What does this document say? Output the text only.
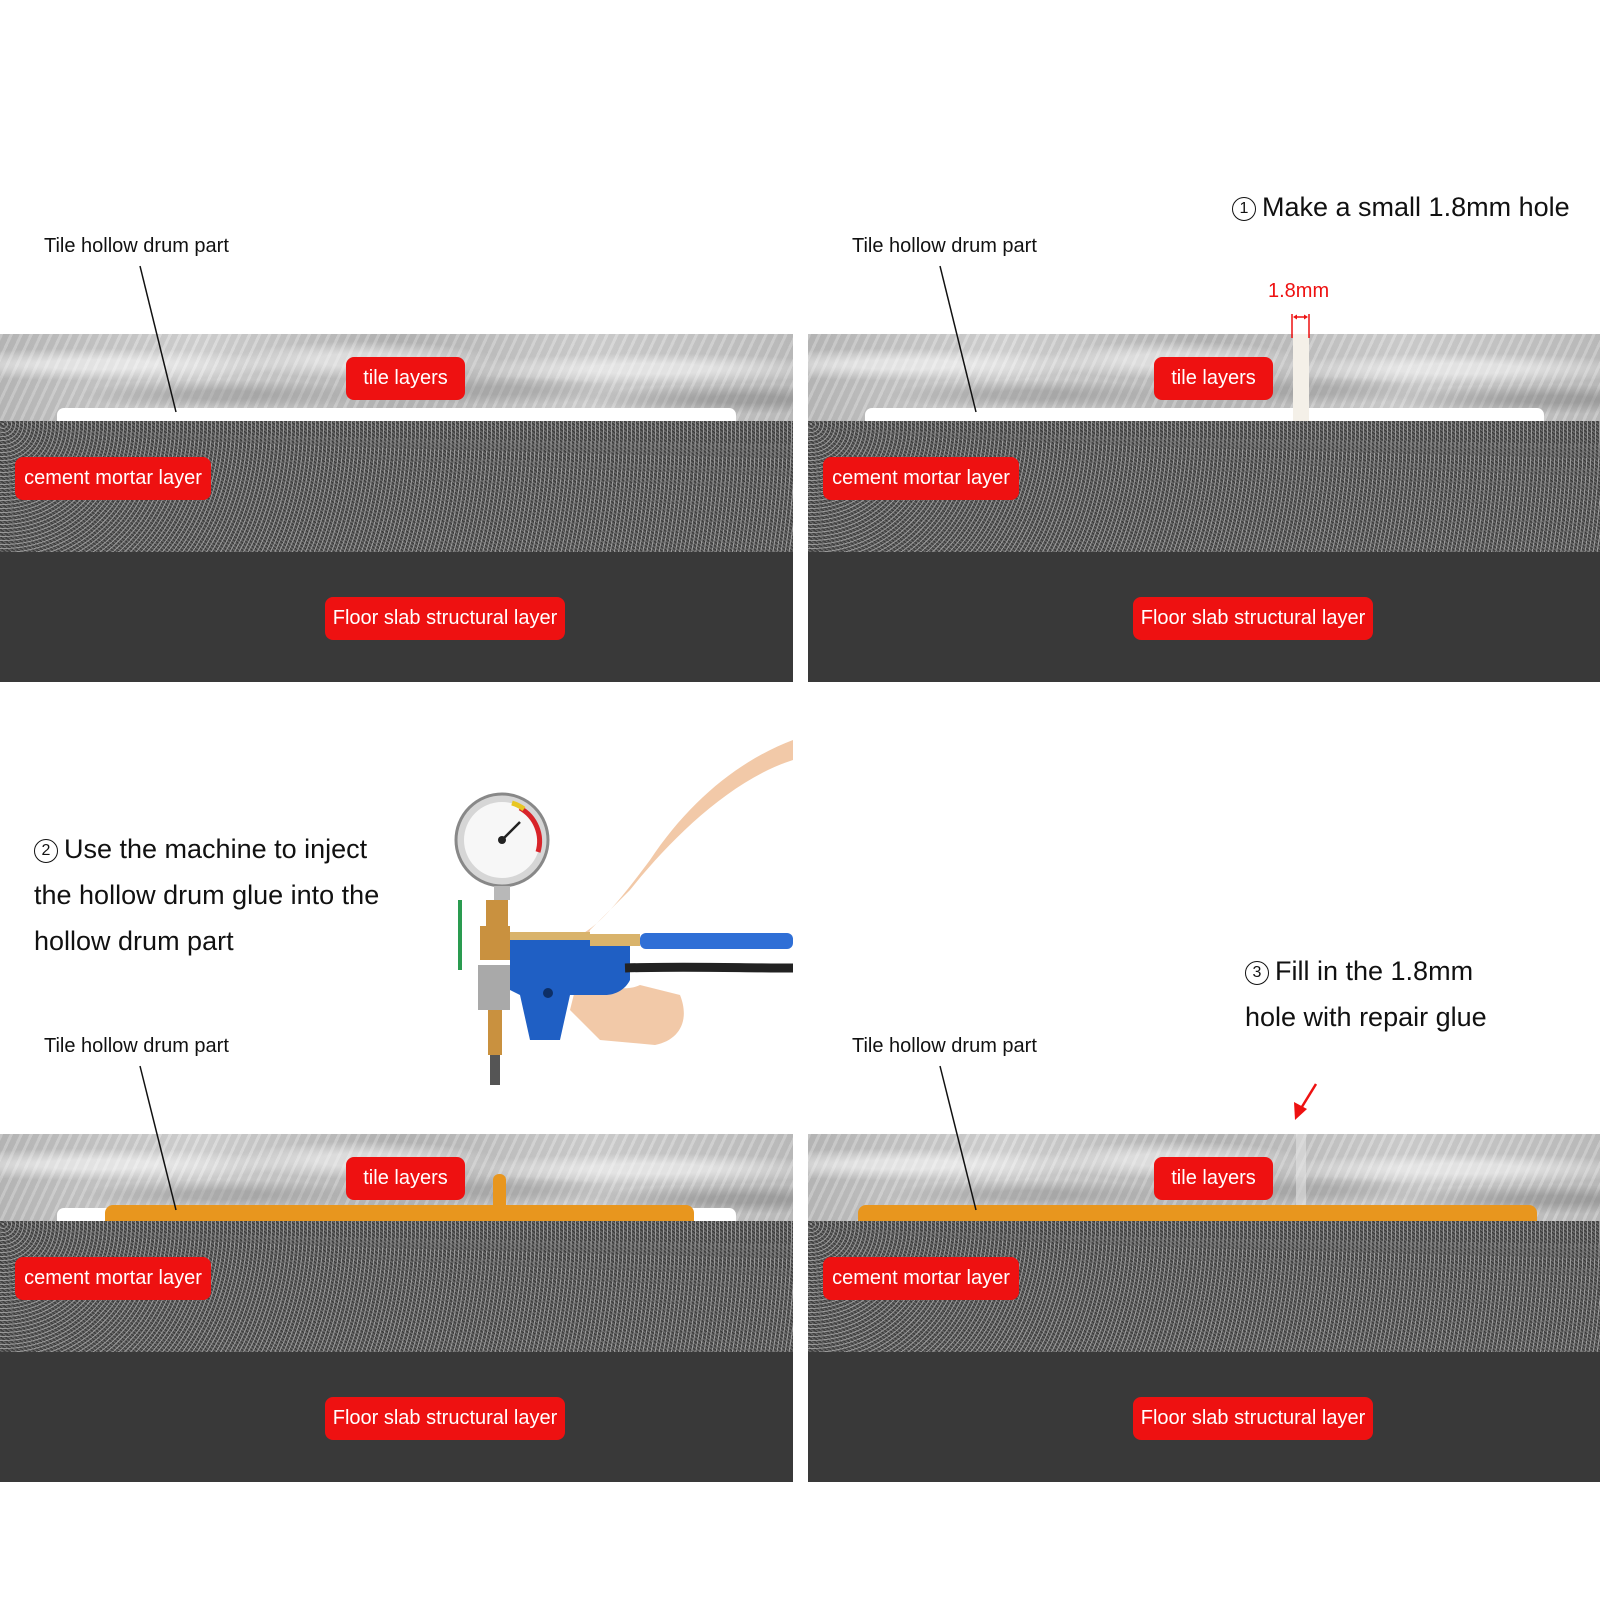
Tile hollow drum part
tile layers
cement mortar layer
Floor slab structural layer
1 Make a small 1.8mm hole
Tile hollow drum part
1.8mm
tile layers
cement mortar layer
Floor slab structural layer
2 Use the machine to inject
the hollow drum glue into the
hollow drum part
Tile hollow drum part
tile layers
cement mortar layer
Floor slab structural layer
3 Fill in the 1.8mm
hole with repair glue
Tile hollow drum part
tile layers
cement mortar layer
Floor slab structural layer
